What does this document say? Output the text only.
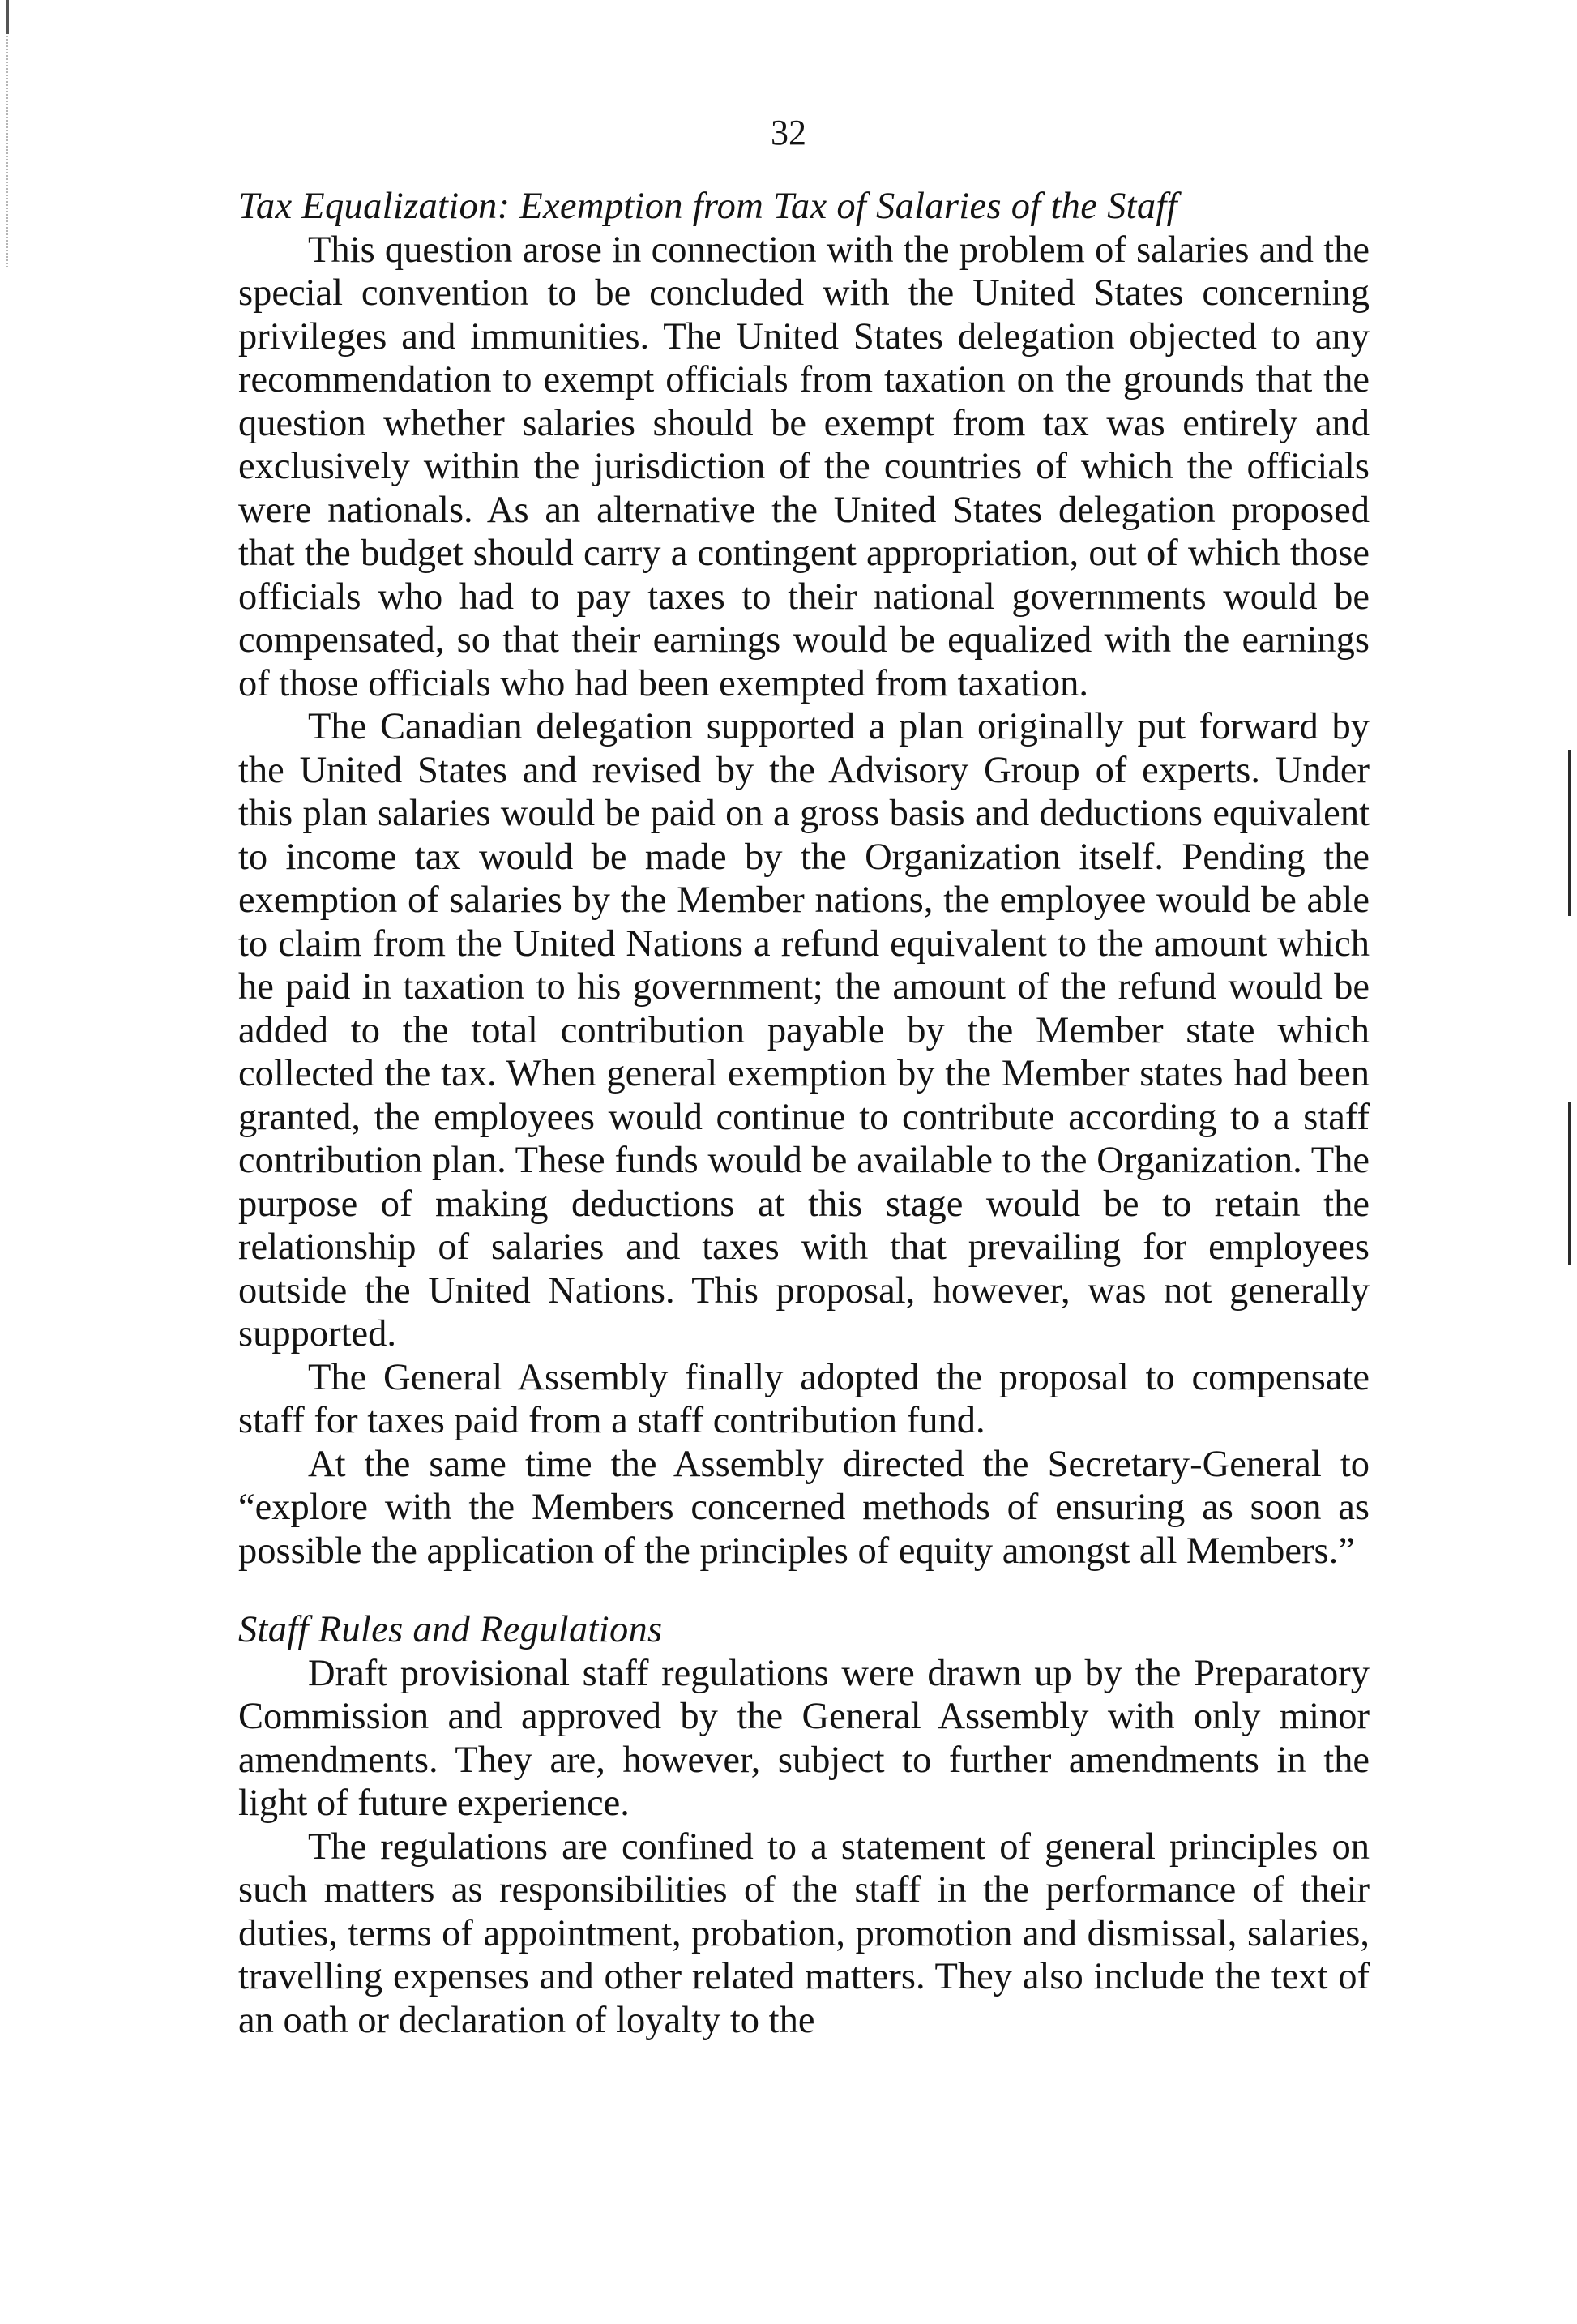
32

Tax Equalization: Exemption from Tax of Salaries of the Staff

This question arose in connection with the problem of salaries and the special convention to be concluded with the United States concerning privileges and immunities. The United States delegation objected to any recommendation to exempt officials from taxation on the grounds that the question whether salaries should be exempt from tax was entirely and exclusively within the jurisdiction of the countries of which the officials were nationals. As an alternative the United States delegation proposed that the budget should carry a contingent appropriation, out of which those officials who had to pay taxes to their national governments would be compensated, so that their earnings would be equalized with the earnings of those officials who had been exempted from taxation.

The Canadian delegation supported a plan originally put forward by the United States and revised by the Advisory Group of experts. Under this plan salaries would be paid on a gross basis and deductions equivalent to income tax would be made by the Organization itself. Pending the exemption of salaries by the Member nations, the employee would be able to claim from the United Nations a refund equivalent to the amount which he paid in taxation to his government; the amount of the refund would be added to the total contribution payable by the Member state which collected the tax. When general exemption by the Member states had been granted, the employees would continue to contribute according to a staff contribution plan. These funds would be available to the Organization. The purpose of making deductions at this stage would be to retain the relationship of salaries and taxes with that prevailing for employees outside the United Nations. This proposal, however, was not generally supported.

The General Assembly finally adopted the proposal to compensate staff for taxes paid from a staff contribution fund.

At the same time the Assembly directed the Secretary-General to “explore with the Members concerned methods of ensuring as soon as possible the application of the principles of equity amongst all Members.”

Staff Rules and Regulations

Draft provisional staff regulations were drawn up by the Preparatory Commission and approved by the General Assembly with only minor amendments. They are, however, subject to further amendments in the light of future experience.

The regulations are confined to a statement of general principles on such matters as responsibilities of the staff in the performance of their duties, terms of appointment, probation, promotion and dismissal, salaries, travelling expenses and other related matters. They also include the text of an oath or declaration of loyalty to the
